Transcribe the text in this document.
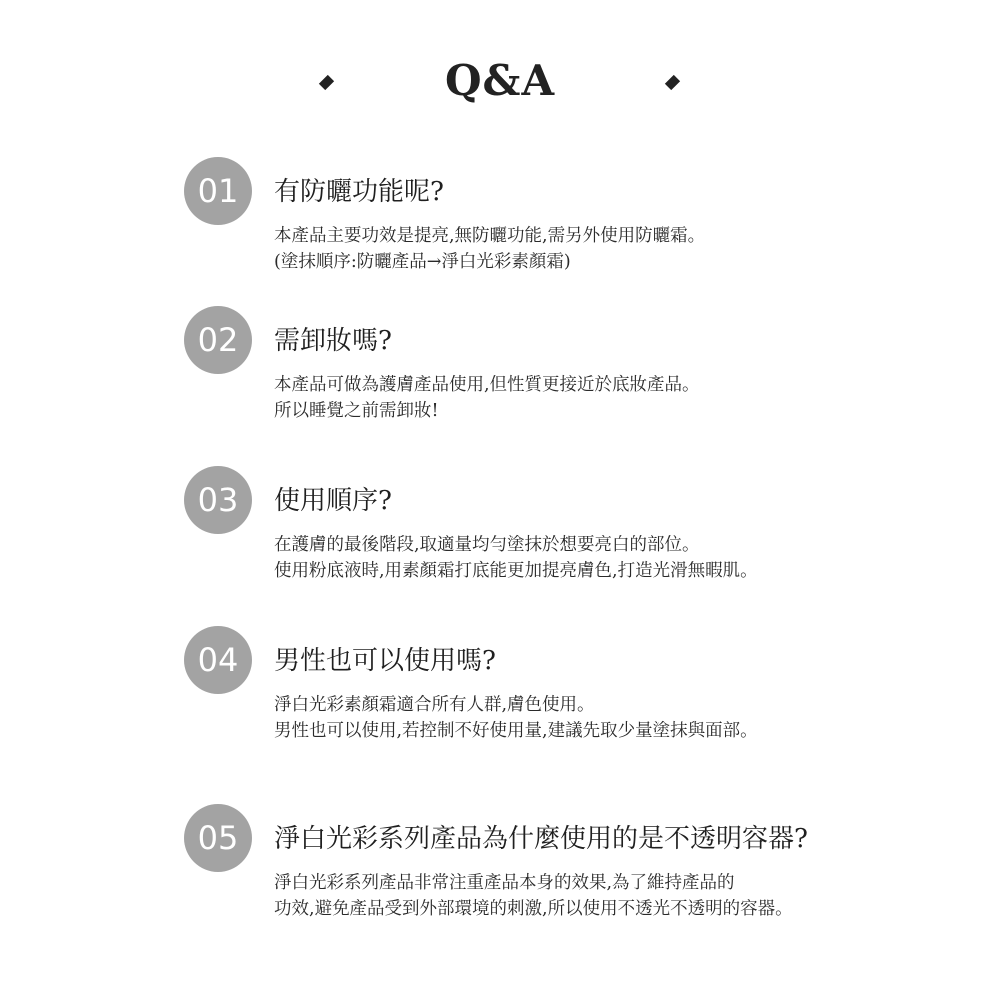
Q&A
01	有防曬功能呢?
本產品主要功效是提亮,無防曬功能,需另外使用防曬霜。
(塗抹順序:防曬產品→淨白光彩素顏霜)
02	需卸妝嗎?
本產品可做為護膚產品使用,但性質更接近於底妝產品。
所以睡覺之前需卸妝!
03	使用順序?
在護膚的最後階段,取適量均勻塗抹於想要亮白的部位。
使用粉底液時,用素顏霜打底能更加提亮膚色,打造光滑無暇肌。
04	男性也可以使用嗎?
淨白光彩素顏霜適合所有人群,膚色使用。
男性也可以使用,若控制不好使用量,建議先取少量塗抹與面部。
05	淨白光彩系列產品為什麼使用的是不透明容器?
淨白光彩系列產品非常注重產品本身的效果,為了維持產品的
功效,避免產品受到外部環境的刺激,所以使用不透光不透明的容器。
